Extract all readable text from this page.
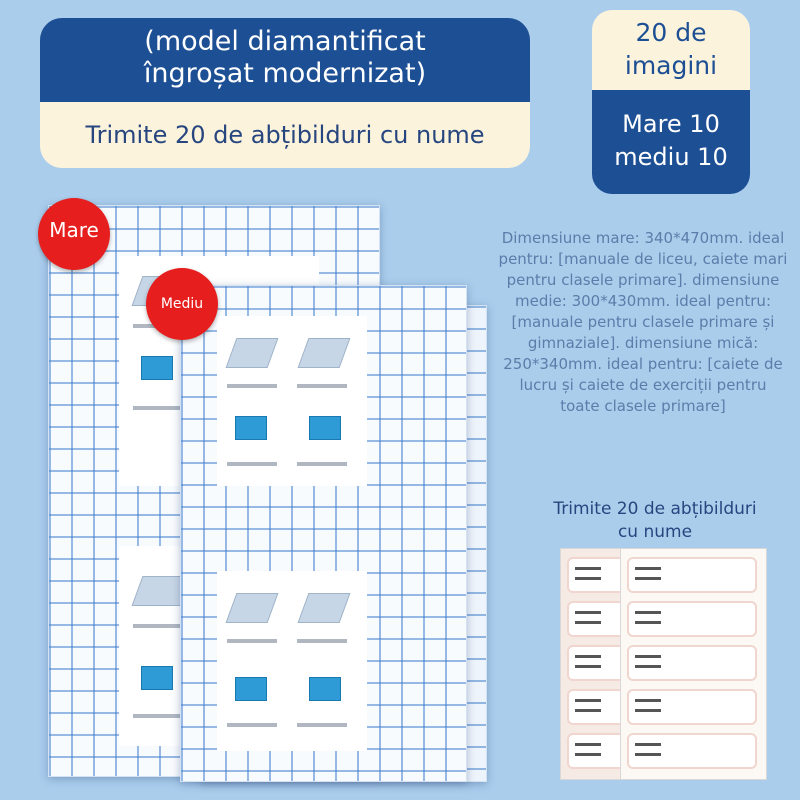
(model diamantificat
îngroșat modernizat)
Trimite 20 de abțibilduri cu nume
20 de
imagini
Mare 10
mediu 10
Mare
Mediu
Dimensiune mare: 340*470mm. ideal pentru: [manuale de liceu, caiete mari pentru clasele primare]. dimensiune medie: 300*430mm. ideal pentru: [manuale pentru clasele primare și gimnaziale]. dimensiune mică: 250*340mm. ideal pentru: [caiete de lucru și caiete de exerciții pentru toate clasele primare]
Trimite 20 de abțibilduri cu nume
